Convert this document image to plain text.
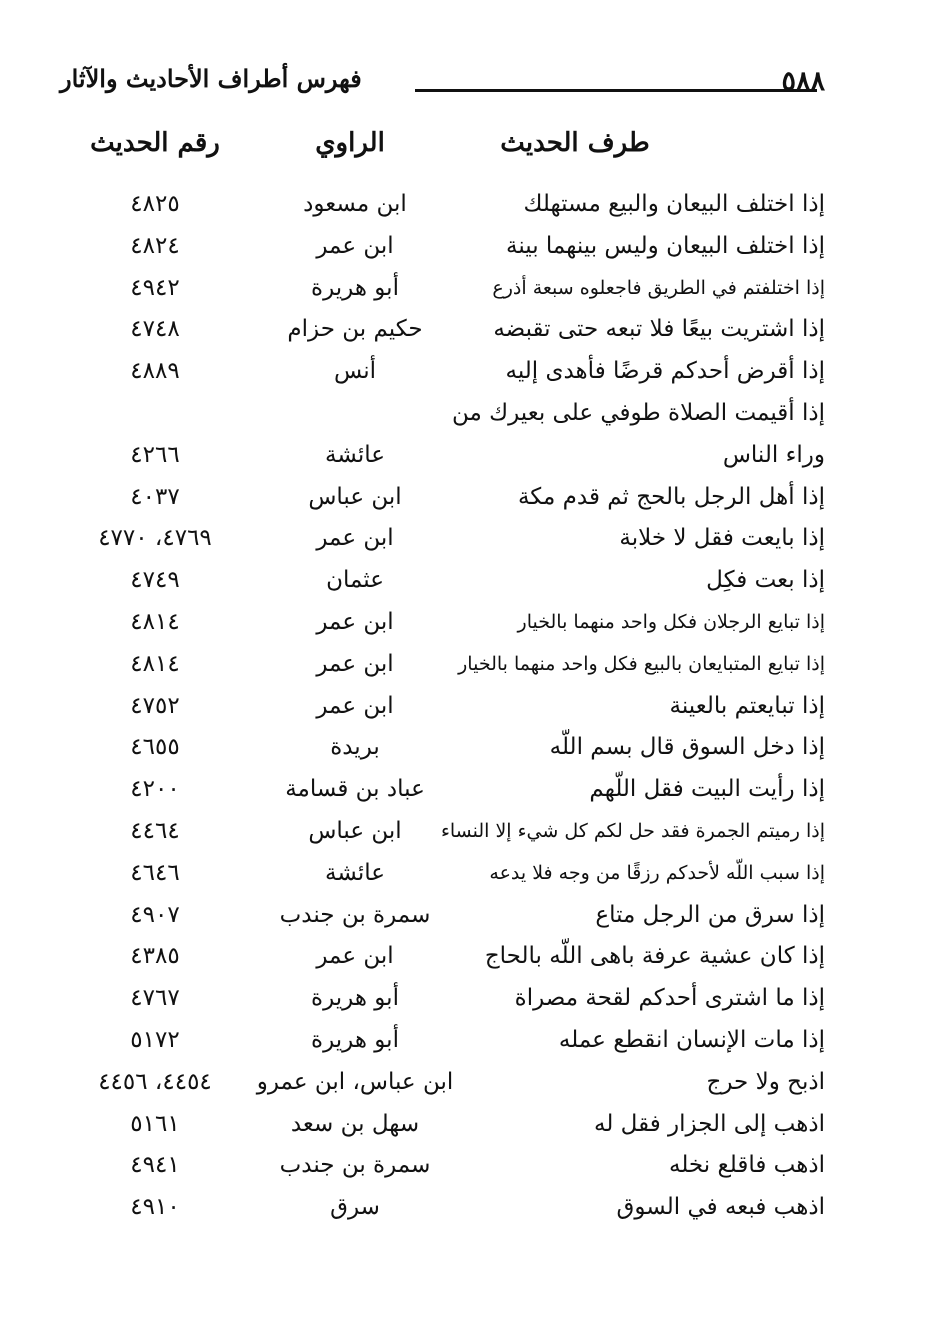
٥٨٨
فهرس أطراف الأحاديث والآثار
طرف الحديث
الراوي
رقم الحديث
إذا اختلف البيعان والبيع مستهلك
ابن مسعود
٤٨٢٥
إذا اختلف البيعان وليس بينهما بينة
ابن عمر
٤٨٢٤
إذا اختلفتم في الطريق فاجعلوه سبعة أذرع
أبو هريرة
٤٩٤٢
إذا اشتريت بيعًا فلا تبعه حتى تقبضه
حكيم بن حزام
٤٧٤٨
إذا أقرض أحدكم قرضًا فأهدى إليه
أنس
٤٨٨٩
إذا أقيمت الصلاة طوفي على بعيرك من
وراء الناس
عائشة
٤٢٦٦
إذا أهل الرجل بالحج ثم قدم مكة
ابن عباس
٤٠٣٧
إذا بايعت فقل لا خلابة
ابن عمر
٤٧٦٩، ٤٧٧٠
إذا بعت فكِل
عثمان
٤٧٤٩
إذا تبايع الرجلان فكل واحد منهما بالخيار
ابن عمر
٤٨١٤
إذا تبايع المتبايعان بالبيع فكل واحد منهما بالخيار
ابن عمر
٤٨١٤
إذا تبايعتم بالعينة
ابن عمر
٤٧٥٢
إذا دخل السوق قال بسم اللّه
بريدة
٤٦٥٥
إذا رأيت البيت فقل اللّهم
عباد بن قسامة
٤٢٠٠
إذا رميتم الجمرة فقد حل لكم كل شيء إلا النساء
ابن عباس
٤٤٦٤
إذا سبب اللّه لأحدكم رزقًا من وجه فلا يدعه
عائشة
٤٦٤٦
إذا سرق من الرجل متاع
سمرة بن جندب
٤٩٠٧
إذا كان عشية عرفة باهى اللّه بالحاج
ابن عمر
٤٣٨٥
إذا ما اشترى أحدكم لقحة مصراة
أبو هريرة
٤٧٦٧
إذا مات الإنسان انقطع عمله
أبو هريرة
٥١٧٢
اذبح ولا حرج
ابن عباس، ابن عمرو
٤٤٥٤، ٤٤٥٦
اذهب إلى الجزار فقل له
سهل بن سعد
٥١٦١
اذهب فاقلع نخله
سمرة بن جندب
٤٩٤١
اذهب فبعه في السوق
سرق
٤٩١٠
